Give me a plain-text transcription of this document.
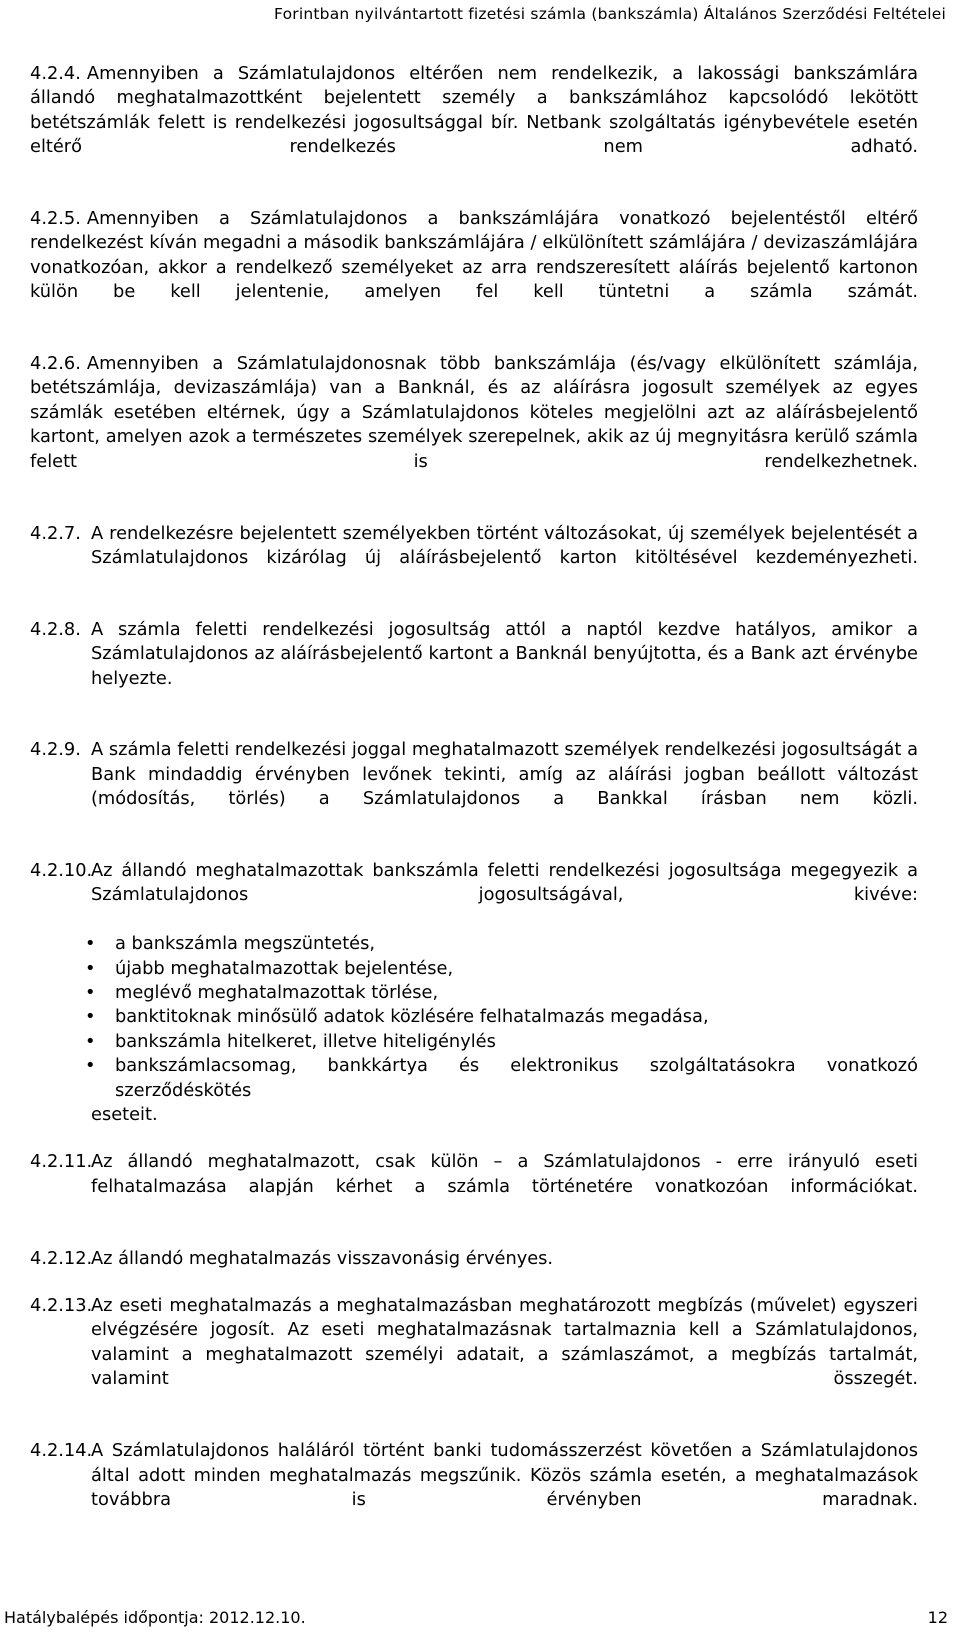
Forintban nyilvántartott fizetési számla (bankszámla) Általános Szerződési Feltételei

4.2.4. Amennyiben a Számlatulajdonos eltérően nem rendelkezik, a lakossági bankszámlára állandó meghatalmazottként bejelentett személy a bankszámlához kapcsolódó lekötött betétszámlák felett is rendelkezési jogosultsággal bír. Netbank szolgáltatás igénybevétele esetén eltérő rendelkezés nem adható.

4.2.5. Amennyiben a Számlatulajdonos a bankszámlájára vonatkozó bejelentéstől eltérő rendelkezést kíván megadni a második bankszámlájára / elkülönített számlájára / devizaszámlájára vonatkozóan, akkor a rendelkező személyeket az arra rendszeresített aláírás bejelentő kartonon külön be kell jelentenie, amelyen fel kell tüntetni a számla számát.

4.2.6. Amennyiben a Számlatulajdonosnak több bankszámlája (és/vagy elkülönített számlája, betétszámlája, devizaszámlája) van a Banknál, és az aláírásra jogosult személyek az egyes számlák esetében eltérnek, úgy a Számlatulajdonos köteles megjelölni azt az aláírásbejelentő kartont, amelyen azok a természetes személyek szerepelnek, akik az új megnyitásra kerülő számla felett is rendelkezhetnek.

4.2.7. A rendelkezésre bejelentett személyekben történt változásokat, új személyek bejelentését a Számlatulajdonos kizárólag új aláírásbejelentő karton kitöltésével kezdeményezheti.

4.2.8. A számla feletti rendelkezési jogosultság attól a naptól kezdve hatályos, amikor a Számlatulajdonos az aláírásbejelentő kartont a Banknál benyújtotta, és a Bank azt érvénybe helyezte.

4.2.9. A számla feletti rendelkezési joggal meghatalmazott személyek rendelkezési jogosultságát a Bank mindaddig érvényben levőnek tekinti, amíg az aláírási jogban beállott változást (módosítás, törlés) a Számlatulajdonos a Bankkal írásban nem közli.

4.2.10.

Az állandó meghatalmazottak bankszámla feletti rendelkezési jogosultsága megegyezik a Számlatulajdonos jogosultságával, kivéve:

• a bankszámla megszüntetés,
• újabb meghatalmazottak bejelentése,
• meglévő meghatalmazottak törlése,
• banktitoknak minősülő adatok közlésére felhatalmazás megadása,
• bankszámla hitelkeret, illetve hiteligénylés
• bankszámlacsomag, bankkártya és elektronikus szolgáltatásokra vonatkozó szerződéskötés

eseteit.

4.2.11.

Az állandó meghatalmazott, csak külön – a Számlatulajdonos - erre irányuló eseti felhatalmazása alapján kérhet a számla történetére vonatkozóan információkat.

4.2.12.

Az állandó meghatalmazás visszavonásig érvényes.

4.2.13.

Az eseti meghatalmazás a meghatalmazásban meghatározott megbízás (művelet) egyszeri elvégzésére jogosít. Az eseti meghatalmazásnak tartalmaznia kell a Számlatulajdonos, valamint a meghatalmazott személyi adatait, a számlaszámot, a megbízás tartalmát, valamint összegét.

4.2.14.

A Számlatulajdonos haláláról történt banki tudomásszerzést követően a Számlatulajdonos által adott minden meghatalmazás megszűnik. Közös számla esetén, a meghatalmazások továbbra is érvényben maradnak.

Hatálybalépés időpontja: 2012.12.10.	12
